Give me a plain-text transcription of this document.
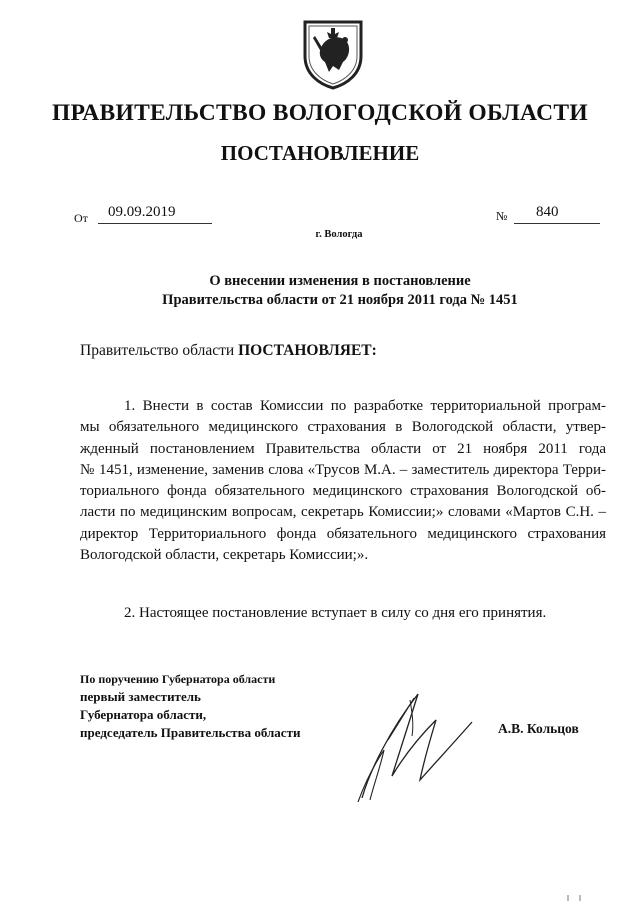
ПРАВИТЕЛЬСТВО ВОЛОГОДСКОЙ ОБЛАСТИ
ПОСТАНОВЛЕНИЕ
От	09.09.2019	№	840
г. Вологда
О внесении изменения в постановление
Правительства области от 21 ноября 2011 года № 1451
Правительство области ПОСТАНОВЛЯЕТ:
1. Внести в состав Комиссии по разработке территориальной програм-
мы обязательного медицинского страхования в Вологодской области, утвер-
жденный постановлением Правительства области от 21 ноября 2011 года
№ 1451, изменение, заменив слова «Трусов М.А. – заместитель директора Терри-
ториального фонда обязательного медицинского страхования Вологодской об-
ласти по медицинским вопросам, секретарь Комиссии;» словами «Мартов С.Н. –
директор Территориального фонда обязательного медицинского страхования
Вологодской области, секретарь Комиссии;».
2. Настоящее постановление вступает в силу со дня его принятия.
По поручению Губернатора области
первый заместитель
Губернатора области,
председатель Правительства области	А.В. Кольцов
